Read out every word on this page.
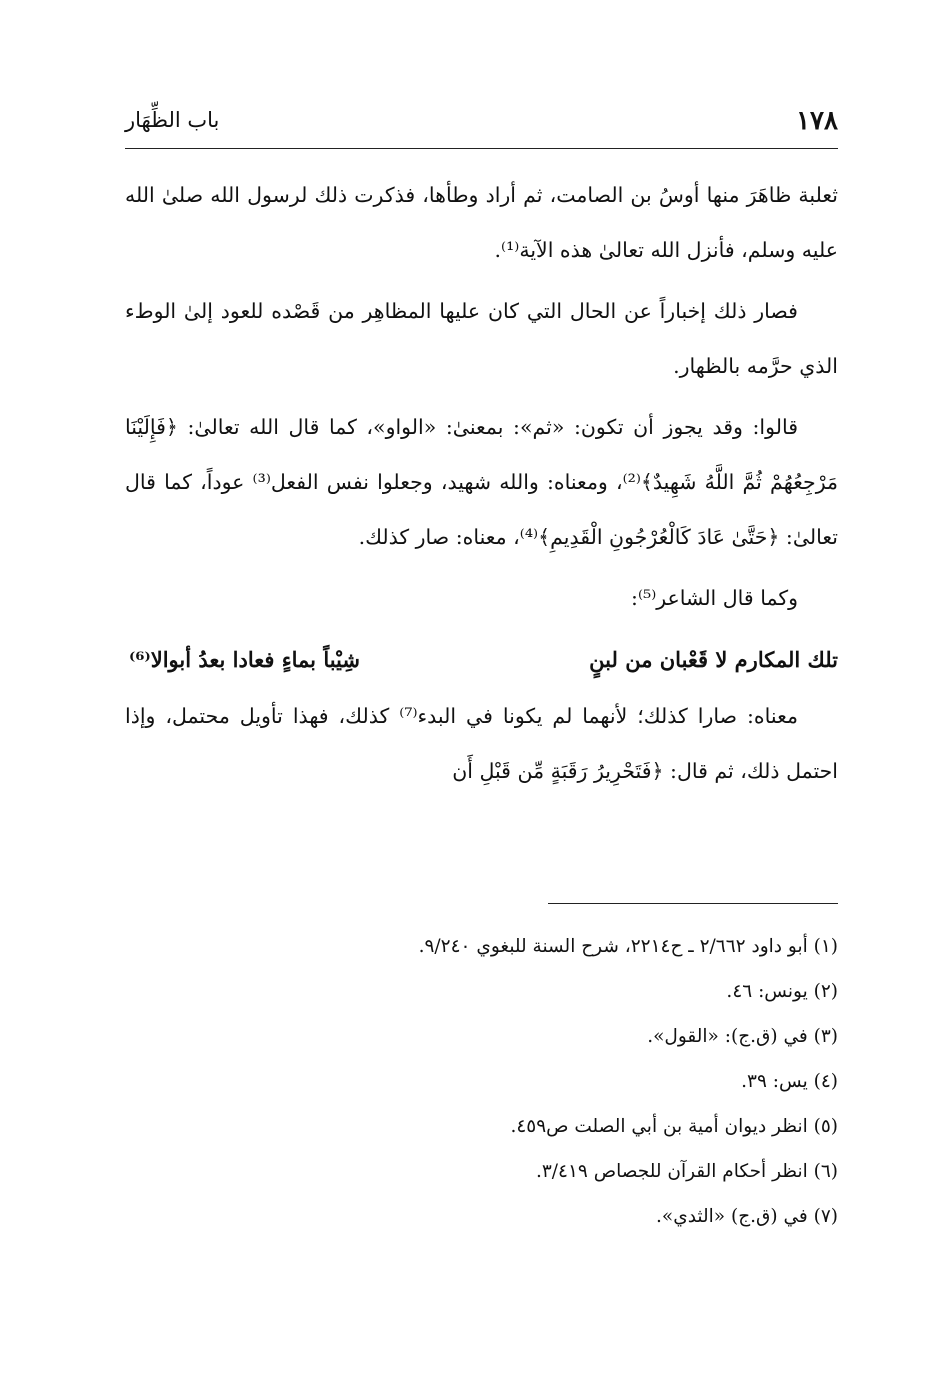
١٧٨
باب الظِّهَار

ثعلبة ظاهَرَ منها أوسُ بن الصامت، ثم أراد وطأها، فذكرت ذلك لرسول الله صلىٰ الله عليه وسلم، فأنزل الله تعالىٰ هذه الآية⁽¹⁾.

فصار ذلك إخباراً عن الحال التي كان عليها المظاهِر من قَصْده للعود إلىٰ الوطء الذي حرَّمه بالظهار.

قالوا: وقد يجوز أن تكون: «ثم»: بمعنىٰ: «الواو»، كما قال الله تعالىٰ: ﴿فَإِلَيْنَا مَرْجِعُهُمْ ثُمَّ اللَّهُ شَهِيدٌ﴾⁽²⁾، ومعناه: والله شهيد، وجعلوا نفس الفعل⁽³⁾ عوداً، كما قال تعالىٰ: ﴿حَتَّىٰ عَادَ كَالْعُرْجُونِ الْقَدِيمِ﴾⁽⁴⁾، معناه: صار كذلك.

وكما قال الشاعر⁽⁵⁾:

تلك المكارم لا قَعْبان من لبنٍ
شِيْباً بماءٍ فعادا بعدُ أبوالا⁽⁶⁾

معناه: صارا كذلك؛ لأنهما لم يكونا في البدء⁽⁷⁾ كذلك، فهذا تأويل محتمل، وإذا احتمل ذلك، ثم قال: ﴿فَتَحْرِيرُ رَقَبَةٍ مِّن قَبْلِ أَن

(١) أبو داود ٢/٦٦٢ ـ ح٢٢١٤، شرح السنة للبغوي ٩/٢٤٠.
(٢) يونس: ٤٦.
(٣) في (ق.ج): «القول».
(٤) يس: ٣٩.
(٥) انظر ديوان أمية بن أبي الصلت ص٤٥٩.
(٦) انظر أحكام القرآن للجصاص ٣/٤١٩.
(٧) في (ق.ج) «الثدي».
